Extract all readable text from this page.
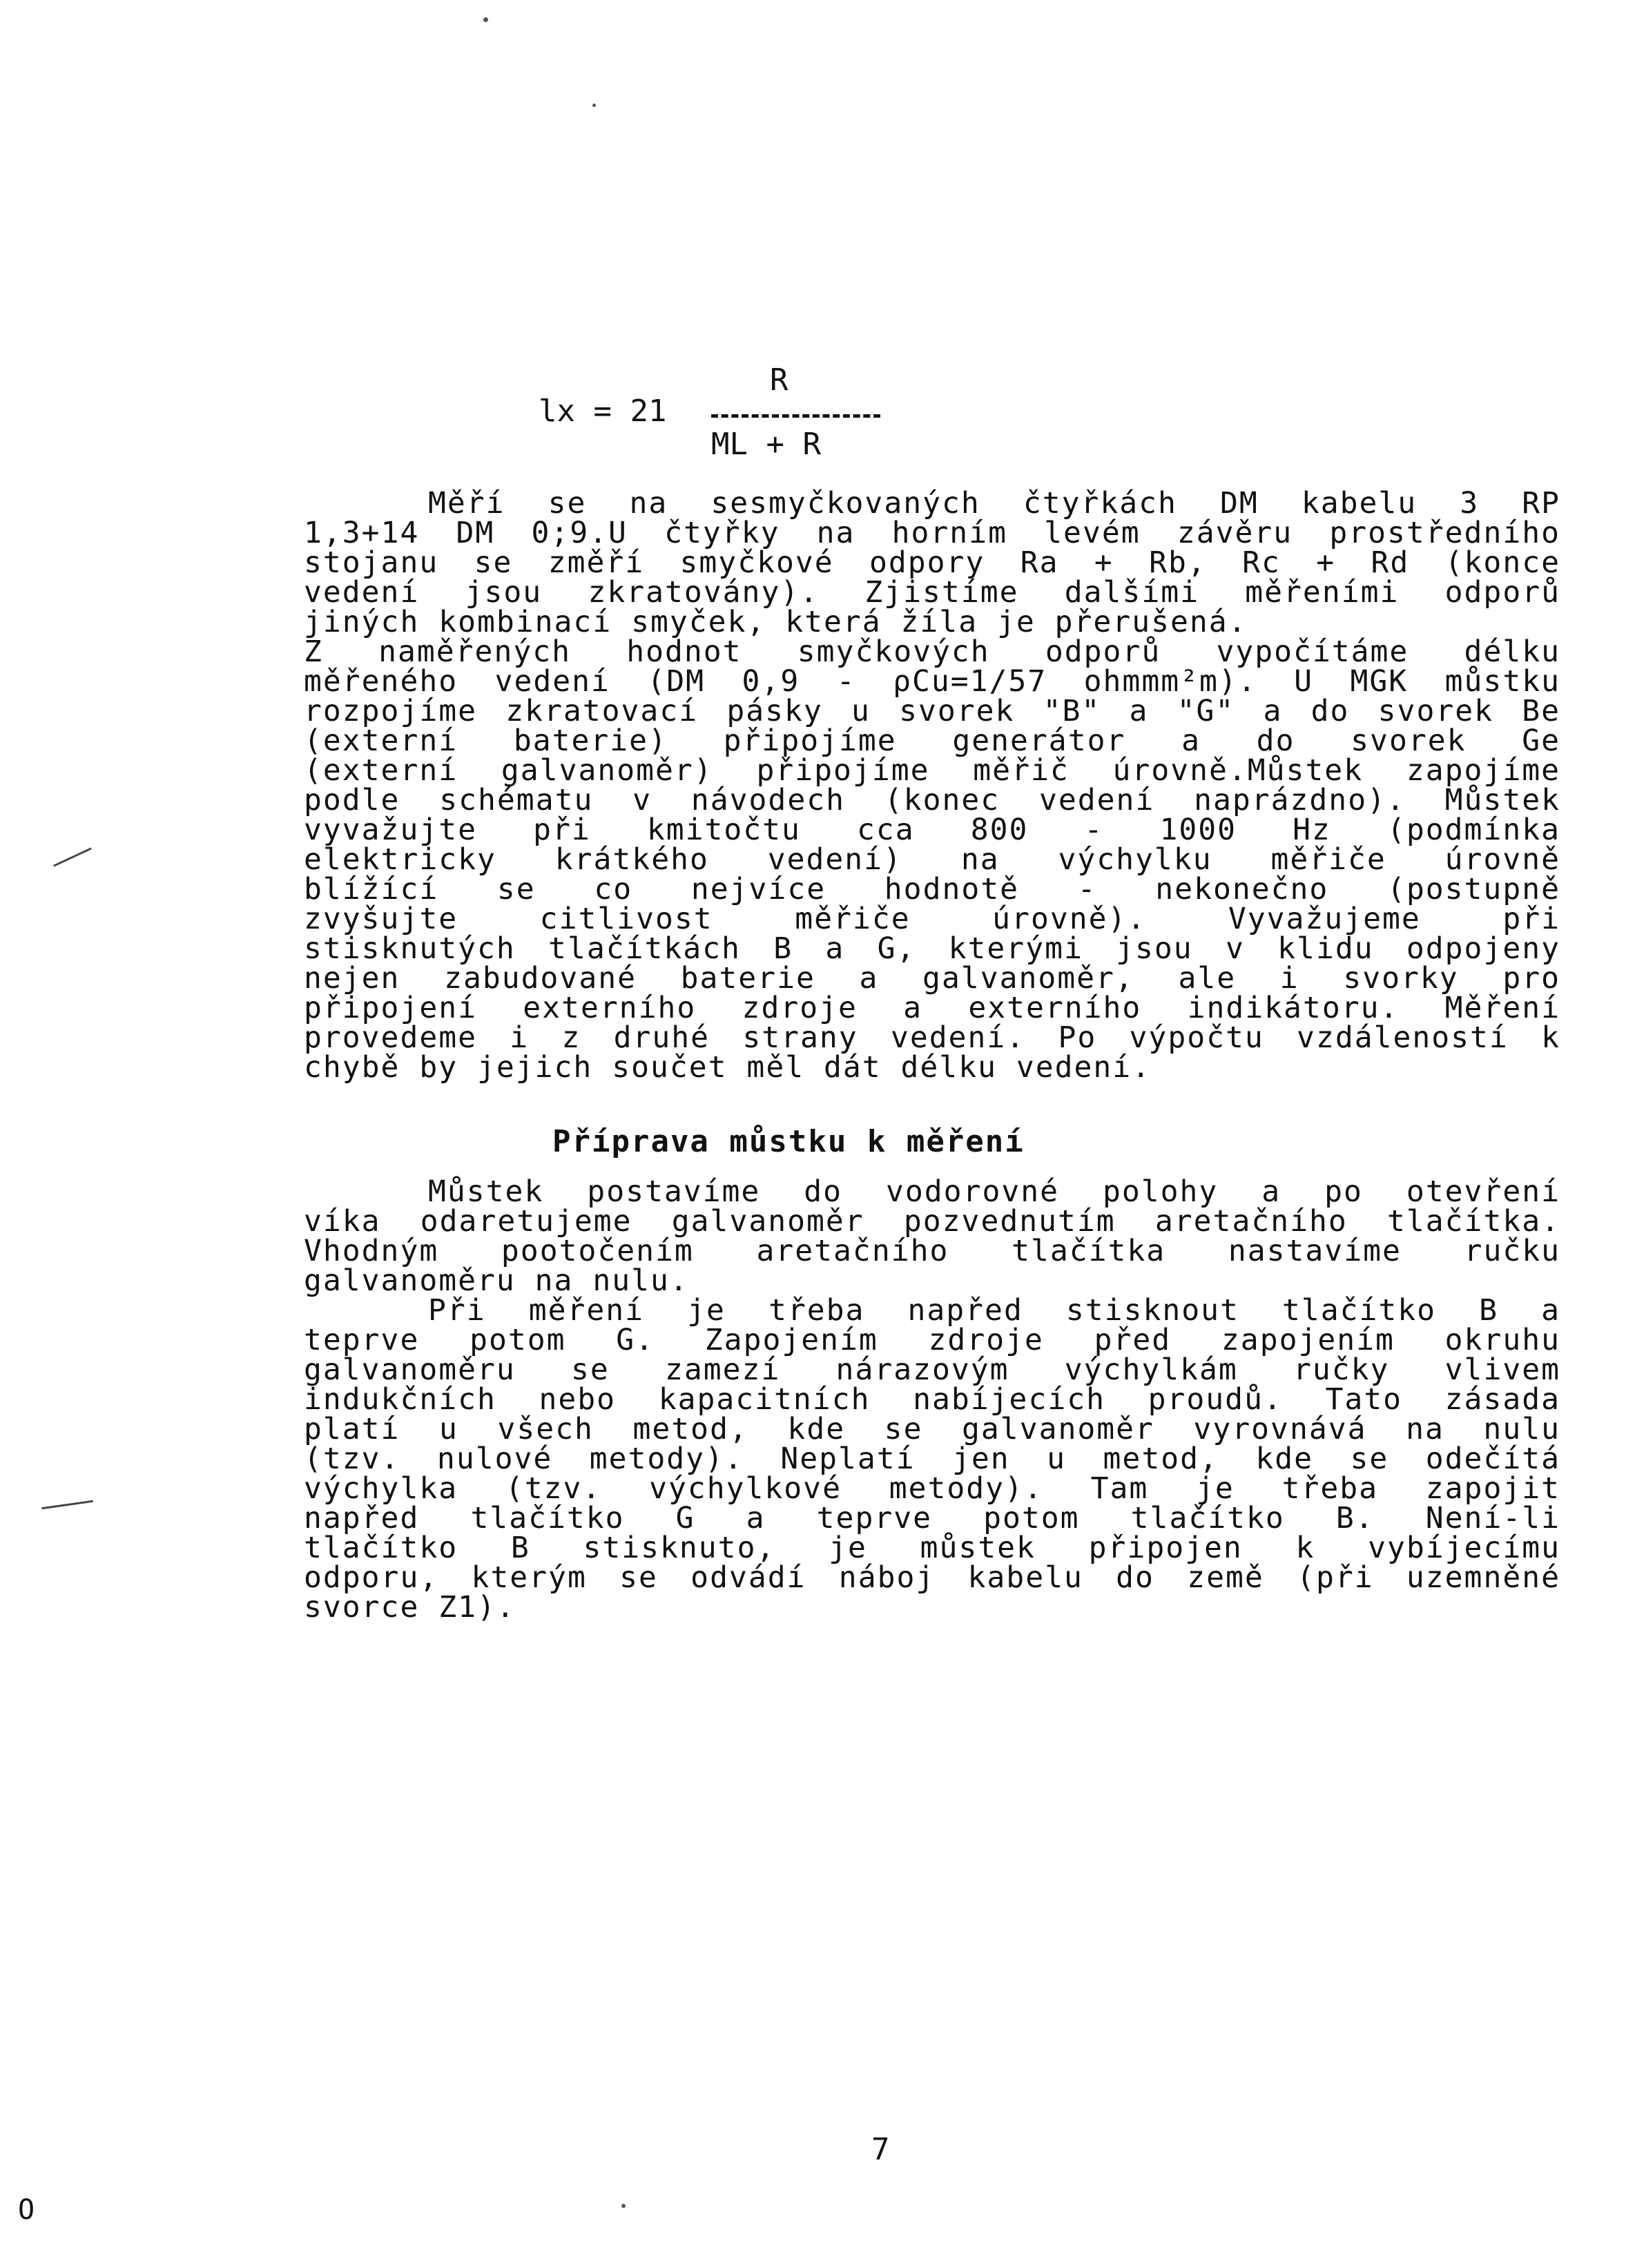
R
lx = 21
ML + R

Měří se na sesmyčkovaných čtyřkách DM kabelu 3 RP

1,3+14 DM 0;9.U čtyřky na horním levém závěru prostředního

stojanu se změří smyčkové odpory Ra + Rb, Rc + Rd (konce

vedení jsou zkratovány). Zjistíme dalšími měřeními odporů

jiných kombinací smyček, která žíla je přerušená.

Z naměřených hodnot smyčkových odporů vypočítáme délku

měřeného vedení (DM 0,9 - ρCu=1/57 ohmmm²m). U MGK můstku

rozpojíme zkratovací pásky u svorek "B" a "G" a do svorek Be

(externí baterie) připojíme generátor a do svorek Ge

(externí galvanoměr) připojíme měřič úrovně.Můstek zapojíme

podle schématu v návodech (konec vedení naprázdno). Můstek

vyvažujte při kmitočtu cca 800 - 1000 Hz (podmínka

elektricky krátkého vedení) na výchylku měřiče úrovně

blížící se co nejvíce hodnotě - nekonečno (postupně

zvyšujte citlivost měřiče úrovně). Vyvažujeme při

stisknutých tlačítkách B a G, kterými jsou v klidu odpojeny

nejen zabudované baterie a galvanoměr, ale i svorky pro

připojení externího zdroje a externího indikátoru. Měření

provedeme i z druhé strany vedení. Po výpočtu vzdáleností k

chybě by jejich součet měl dát délku vedení.

Příprava můstku k měření

Můstek postavíme do vodorovné polohy a po otevření

víka odaretujeme galvanoměr pozvednutím aretačního tlačítka.

Vhodným pootočením aretačního tlačítka nastavíme ručku

galvanoměru na nulu.

Při měření je třeba napřed stisknout tlačítko B a

teprve potom G. Zapojením zdroje před zapojením okruhu

galvanoměru se zamezí nárazovým výchylkám ručky vlivem

indukčních nebo kapacitních nabíjecích proudů. Tato zásada

platí u všech metod, kde se galvanoměr vyrovnává na nulu

(tzv. nulové metody). Neplatí jen u metod, kde se odečítá

výchylka (tzv. výchylkové metody). Tam je třeba zapojit

napřed tlačítko G a teprve potom tlačítko B. Není-li

tlačítko B stisknuto, je můstek připojen k vybíjecímu

odporu, kterým se odvádí náboj kabelu do země (při uzemněné

svorce Z1).

7
O
